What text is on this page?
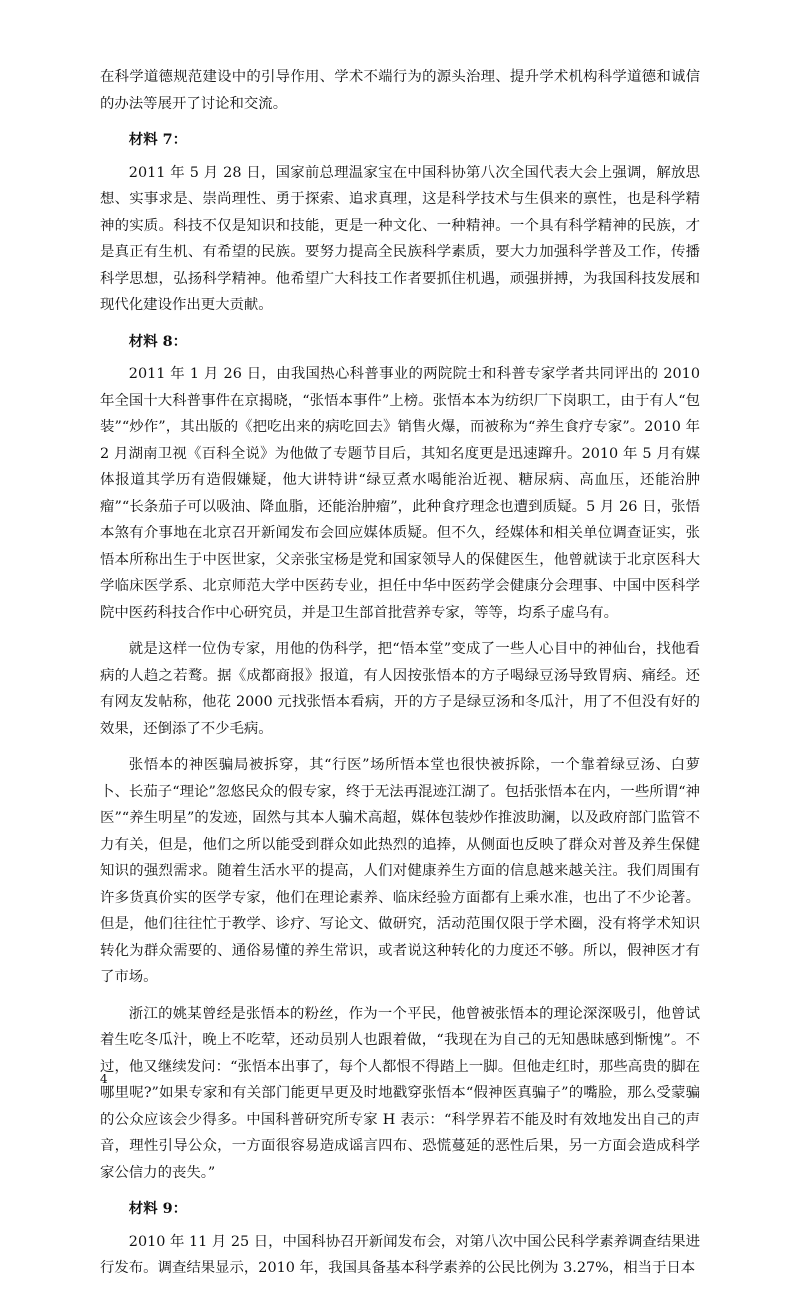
在科学道德规范建设中的引导作用、学术不端行为的源头治理、提升学术机构科学道德和诚信的办法等展开了讨论和交流。

材料 7：

2011 年 5 月 28 日，国家前总理温家宝在中国科协第八次全国代表大会上强调，解放思想、实事求是、崇尚理性、勇于探索、追求真理，这是科学技术与生俱来的禀性，也是科学精神的实质。科技不仅是知识和技能，更是一种文化、一种精神。一个具有科学精神的民族，才是真正有生机、有希望的民族。要努力提高全民族科学素质，要大力加强科学普及工作，传播科学思想，弘扬科学精神。他希望广大科技工作者要抓住机遇，顽强拼搏，为我国科技发展和现代化建设作出更大贡献。

材料 8：

2011 年 1 月 26 日，由我国热心科普事业的两院院士和科普专家学者共同评出的 2010 年全国十大科普事件在京揭晓，“张悟本事件”上榜。张悟本本为纺织厂下岗职工，由于有人“包装”“炒作”，其出版的《把吃出来的病吃回去》销售火爆，而被称为“养生食疗专家”。2010 年 2 月湖南卫视《百科全说》为他做了专题节目后，其知名度更是迅速蹿升。2010 年 5 月有媒体报道其学历有造假嫌疑，他大讲特讲“绿豆煮水喝能治近视、糖尿病、高血压，还能治肿瘤”“长条茄子可以吸油、降血脂，还能治肿瘤”，此种食疗理念也遭到质疑。5 月 26 日，张悟本煞有介事地在北京召开新闻发布会回应媒体质疑。但不久，经媒体和相关单位调查证实，张悟本所称出生于中医世家，父亲张宝杨是党和国家领导人的保健医生，他曾就读于北京医科大学临床医学系、北京师范大学中医药专业，担任中华中医药学会健康分会理事、中国中医科学院中医药科技合作中心研究员，并是卫生部首批营养专家，等等，均系子虚乌有。

就是这样一位伪专家，用他的伪科学，把“悟本堂”变成了一些人心目中的神仙台，找他看病的人趋之若鹜。据《成都商报》报道，有人因按张悟本的方子喝绿豆汤导致胃病、痛经。还有网友发帖称，他花 2000 元找张悟本看病，开的方子是绿豆汤和冬瓜汁，用了不但没有好的效果，还倒添了不少毛病。

张悟本的神医骗局被拆穿，其“行医”场所悟本堂也很快被拆除，一个靠着绿豆汤、白萝卜、长茄子“理论”忽悠民众的假专家，终于无法再混迹江湖了。包括张悟本在内，一些所谓“神医”“养生明星”的发迹，固然与其本人骗术高超，媒体包装炒作推波助澜，以及政府部门监管不力有关，但是，他们之所以能受到群众如此热烈的追捧，从侧面也反映了群众对普及养生保健知识的强烈需求。随着生活水平的提高，人们对健康养生方面的信息越来越关注。我们周围有许多货真价实的医学专家，他们在理论素养、临床经验方面都有上乘水准，也出了不少论著。但是，他们往往忙于教学、诊疗、写论文、做研究，活动范围仅限于学术圈，没有将学术知识转化为群众需要的、通俗易懂的养生常识，或者说这种转化的力度还不够。所以，假神医才有了市场。

浙江的姚某曾经是张悟本的粉丝，作为一个平民，他曾被张悟本的理论深深吸引，他曾试着生吃冬瓜汁，晚上不吃荤，还动员别人也跟着做，“我现在为自己的无知愚昧感到惭愧”。不过，他又继续发问：“张悟本出事了，每个人都恨不得踏上一脚。但他走红时，那些高贵的脚在哪里呢?”如果专家和有关部门能更早更及时地戳穿张悟本“假神医真骗子”的嘴脸，那么受蒙骗的公众应该会少得多。中国科普研究所专家 H 表示：“科学界若不能及时有效地发出自己的声音，理性引导公众，一方面很容易造成谣言四布、恐慌蔓延的恶性后果，另一方面会造成科学家公信力的丧失。”

材料 9：

2010 年 11 月 25 日，中国科协召开新闻发布会，对第八次中国公民科学素养调查结果进行发布。调查结果显示，2010 年，我国具备基本科学素养的公民比例为 3.27%，相当于日本

4
